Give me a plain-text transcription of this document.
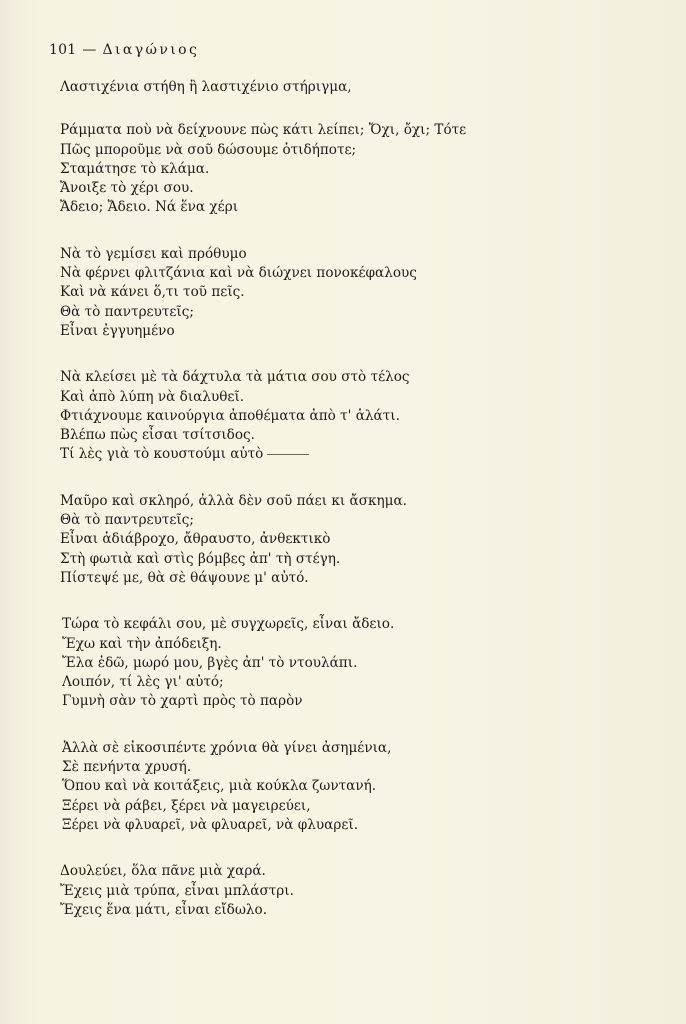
101 — Διαγώνιος
Λαστιχένια στήθη ἢ λαστιχένιο στήριγμα,
Ράμματα ποὺ νὰ δείχνουνε πὼς κάτι λείπει; Ὄχι, ὄχι; Τότε
Πῶς μποροῦμε νὰ σοῦ δώσουμε ὁτιδήποτε;
Σταμάτησε τὸ κλάμα.
Ἄνοιξε τὸ χέρι σου.
Ἄδειο; Ἄδειο. Νά ἕνα χέρι
Νὰ τὸ γεμίσει καὶ πρόθυμο
Νὰ φέρνει φλιτζάνια καὶ νὰ διώχνει πονοκέφαλους
Καὶ νὰ κάνει ὅ,τι τοῦ πεῖς.
Θὰ τὸ παντρευτεῖς;
Εἶναι ἐγγυημένο
Νὰ κλείσει μὲ τὰ δάχτυλα τὰ μάτια σου στὸ τέλος
Καὶ ἀπὸ λύπη νὰ διαλυθεῖ.
Φτιάχνουμε καινούργια ἀποθέματα ἀπὸ τ' ἁλάτι.
Βλέπω πὼς εἶσαι τσίτσιδος.
Τί λὲς γιὰ τὸ κουστούμι αὐτὸ
Μαῦρο καὶ σκληρό, ἀλλὰ δὲν σοῦ πάει κι ἄσκημα.
Θὰ τὸ παντρευτεῖς;
Εἶναι ἀδιάβροχο, ἄθραυστο, ἀνθεκτικὸ
Στὴ φωτιὰ καὶ στὶς βόμβες ἀπ' τὴ στέγη.
Πίστεψέ με, θὰ σὲ θάψουνε μ' αὐτό.
Τώρα τὸ κεφάλι σου, μὲ συγχωρεῖς, εἶναι ἄδειο.
Ἔχω καὶ τὴν ἀπόδειξη.
Ἔλα ἐδῶ, μωρό μου, βγὲς ἀπ' τὸ ντουλάπι.
Λοιπόν, τί λὲς γι' αὐτό;
Γυμνὴ σὰν τὸ χαρτὶ πρὸς τὸ παρὸν
Ἀλλὰ σὲ εἰκοσιπέντε χρόνια θὰ γίνει ἀσημένια,
Σὲ πενήντα χρυσή.
Ὅπου καὶ νὰ κοιτάξεις, μιὰ κούκλα ζωντανή.
Ξέρει νὰ ράβει, ξέρει νὰ μαγειρεύει,
Ξέρει νὰ φλυαρεῖ, νὰ φλυαρεῖ, νὰ φλυαρεῖ.
Δουλεύει, ὅλα πᾶνε μιὰ χαρά.
Ἔχεις μιὰ τρύπα, εἶναι μπλάστρι.
Ἔχεις ἕνα μάτι, εἶναι εἴδωλο.
